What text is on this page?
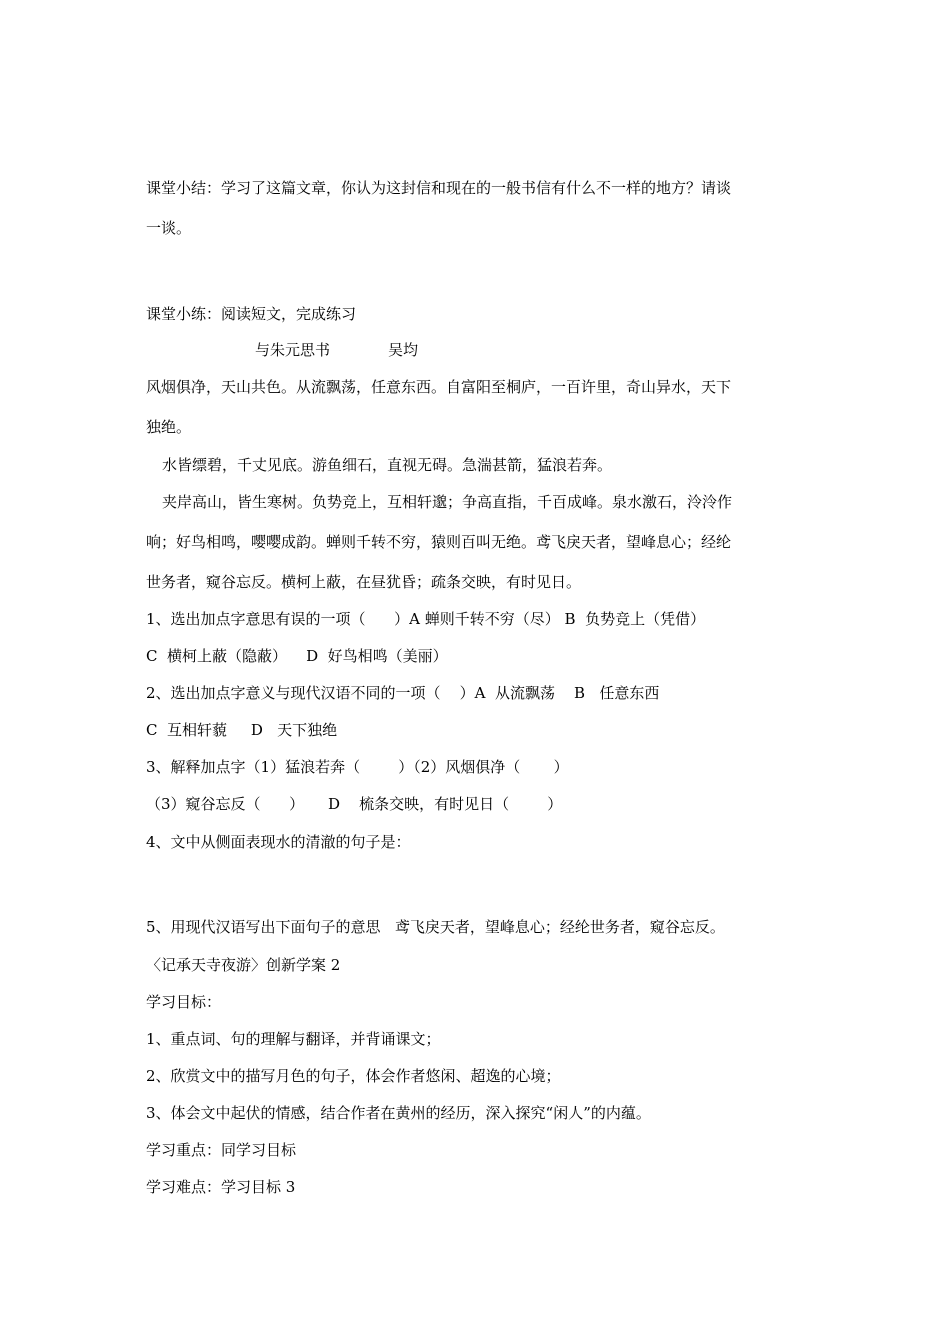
课堂小结：学习了这篇文章，你认为这封信和现在的一般书信有什么不一样的地方？请谈
一谈。
课堂小练：阅读短文，完成练习
与朱元思书	吴均
风烟俱净，天山共色。从流飘荡，任意东西。自富阳至桐庐，一百许里，奇山异水，天下
独绝。
水皆缥碧，千丈见底。游鱼细石，直视无碍。急湍甚箭，猛浪若奔。
夹岸高山，皆生寒树。负势竞上，互相轩邈；争高直指，千百成峰。泉水激石，泠泠作
响；好鸟相鸣，嘤嘤成韵。蝉则千转不穷，猿则百叫无绝。鸢飞戾天者，望峰息心；经纶
世务者，窥谷忘反。横柯上蔽，在昼犹昏；疏条交映，有时见日。
1、选出加点字意思有误的一项（      ）A 蝉则千转不穷（尽） B  负势竞上（凭借）
C  横柯上蔽（隐蔽）    D  好鸟相鸣（美丽）
2、选出加点字意义与现代汉语不同的一项（    ）A  从流飘荡    B   任意东西
C  互相轩藐     D   天下独绝
3、解释加点字（1）猛浪若奔（        ）（2）风烟俱净（       ）
（3）窥谷忘反（      ）     D    梳条交映，有时见日（        ）
4、文中从侧面表现水的清澈的句子是：
5、用现代汉语写出下面句子的意思   鸢飞戾天者，望峰息心；经纶世务者，窥谷忘反。
〈记承天寺夜游〉创新学案 2
学习目标：
1、重点词、句的理解与翻译，并背诵课文；
2、欣赏文中的描写月色的句子，体会作者悠闲、超逸的心境；
3、体会文中起伏的情感，结合作者在黄州的经历，深入探究“闲人”的内蕴。
学习重点：同学习目标
学习难点：学习目标 3
